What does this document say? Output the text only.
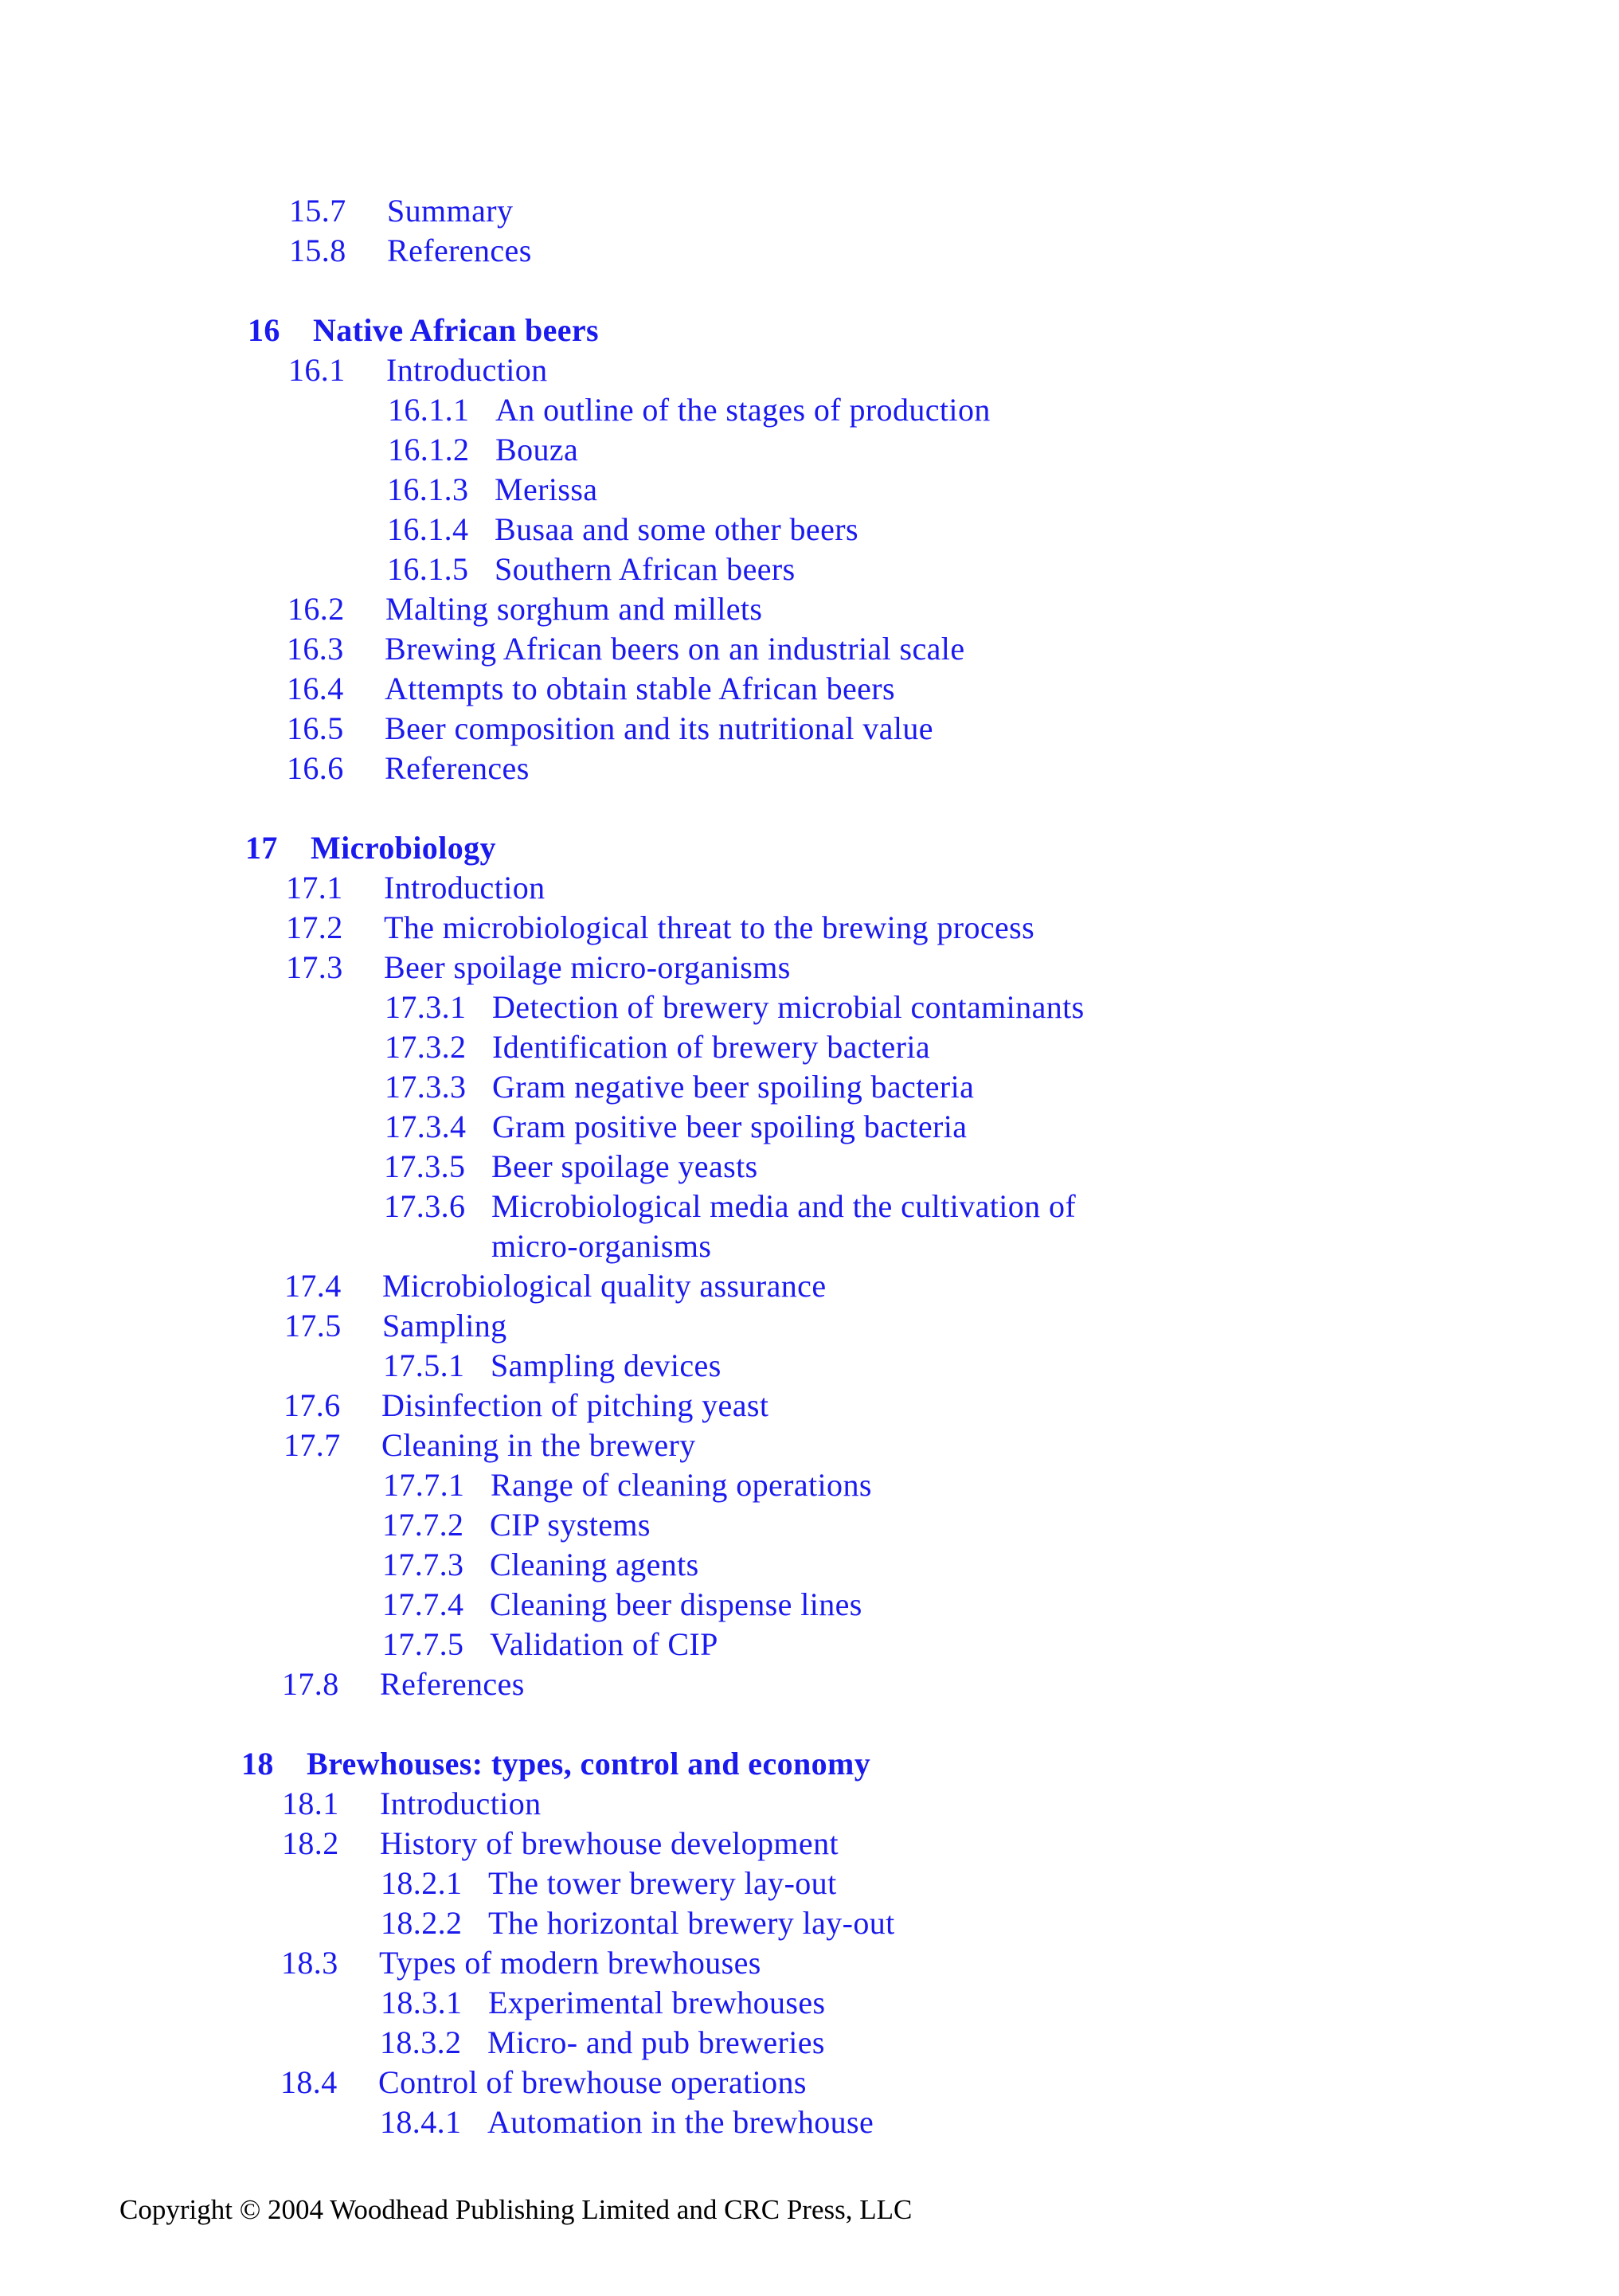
15.7 Summary
15.8 References
16 Native African beers
16.1 Introduction
16.1.1 An outline of the stages of production
16.1.2 Bouza
16.1.3 Merissa
16.1.4 Busaa and some other beers
16.1.5 Southern African beers
16.2 Malting sorghum and millets
16.3 Brewing African beers on an industrial scale
16.4 Attempts to obtain stable African beers
16.5 Beer composition and its nutritional value
16.6 References
17 Microbiology
17.1 Introduction
17.2 The microbiological threat to the brewing process
17.3 Beer spoilage micro-organisms
17.3.1 Detection of brewery microbial contaminants
17.3.2 Identification of brewery bacteria
17.3.3 Gram negative beer spoiling bacteria
17.3.4 Gram positive beer spoiling bacteria
17.3.5 Beer spoilage yeasts
17.3.6 Microbiological media and the cultivation of
micro-organisms
17.4 Microbiological quality assurance
17.5 Sampling
17.5.1 Sampling devices
17.6 Disinfection of pitching yeast
17.7 Cleaning in the brewery
17.7.1 Range of cleaning operations
17.7.2 CIP systems
17.7.3 Cleaning agents
17.7.4 Cleaning beer dispense lines
17.7.5 Validation of CIP
17.8 References
18 Brewhouses: types, control and economy
18.1 Introduction
18.2 History of brewhouse development
18.2.1 The tower brewery lay-out
18.2.2 The horizontal brewery lay-out
18.3 Types of modern brewhouses
18.3.1 Experimental brewhouses
18.3.2 Micro- and pub breweries
18.4 Control of brewhouse operations
18.4.1 Automation in the brewhouse
Copyright © 2004 Woodhead Publishing Limited and CRC Press, LLC
